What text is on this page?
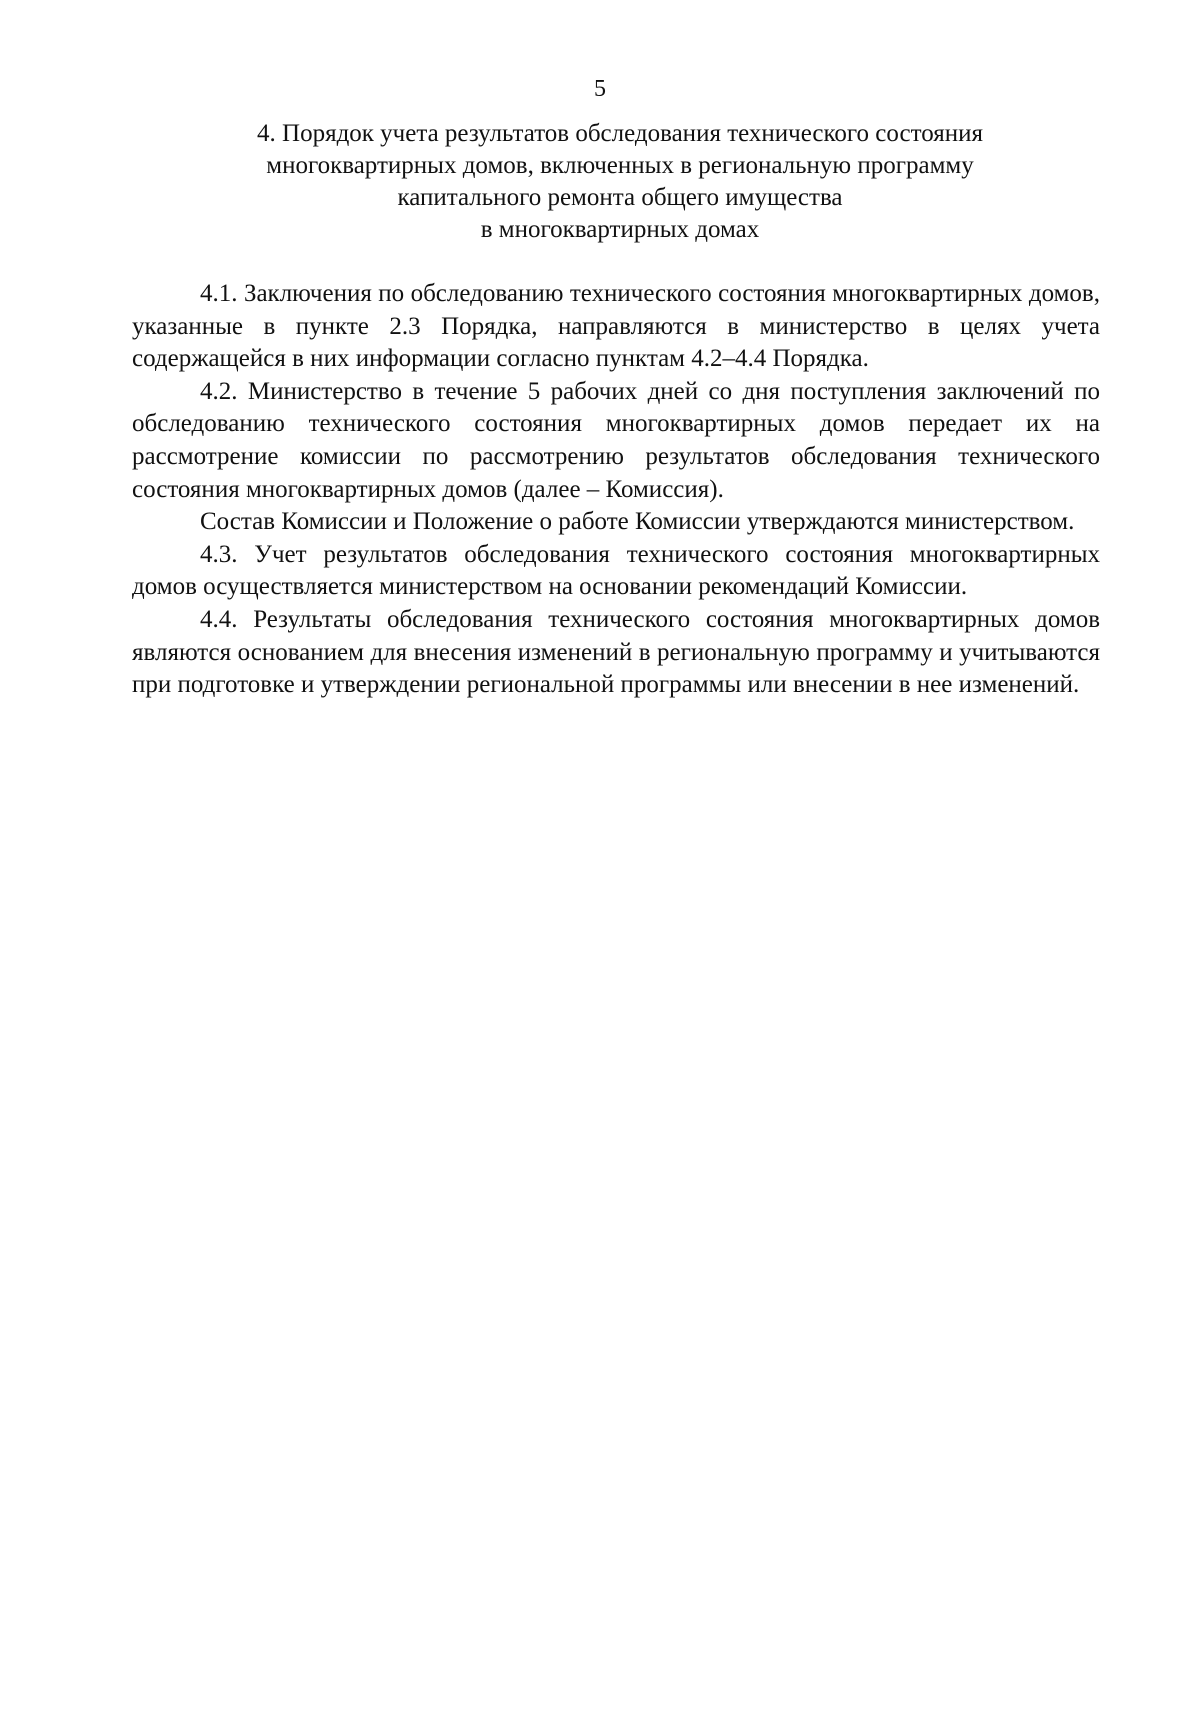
5
4. Порядок учета результатов обследования технического состояния
многоквартирных домов, включенных в региональную программу
капитального ремонта общего имущества
в многоквартирных домах

4.1. Заключения по обследованию технического состояния многоквартирных домов, указанные в пункте 2.3 Порядка, направляются в министерство в целях учета содержащейся в них информации согласно пунктам 4.2–4.4 Порядка.

4.2. Министерство в течение 5 рабочих дней со дня поступления заключений по обследованию технического состояния многоквартирных домов передает их на рассмотрение комиссии по рассмотрению результатов обследования технического состояния многоквартирных домов (далее – Комиссия).

Состав Комиссии и Положение о работе Комиссии утверждаются министерством.

4.3. Учет результатов обследования технического состояния многоквартирных домов осуществляется министерством на основании рекомендаций Комиссии.

4.4. Результаты обследования технического состояния многоквартирных домов являются основанием для внесения изменений в региональную программу и учитываются при подготовке и утверждении региональной программы или внесении в нее изменений.
